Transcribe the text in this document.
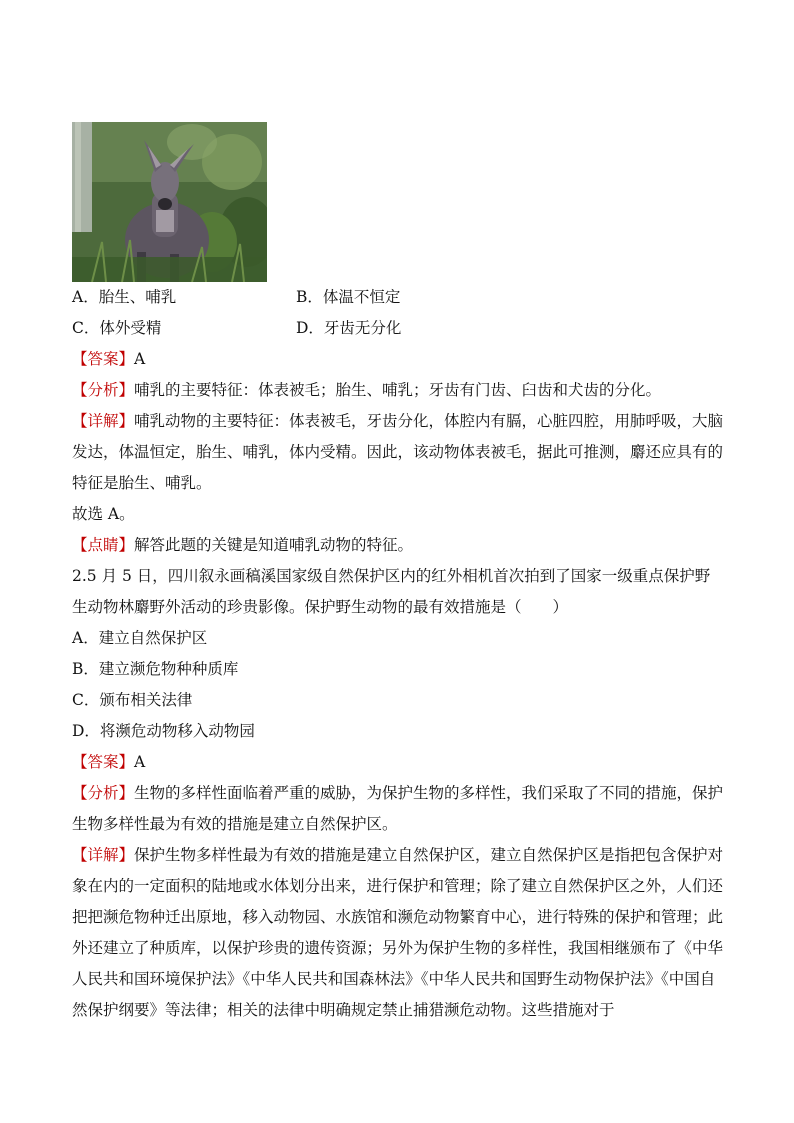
A．胎生、哺乳	B．体温不恒定
C．体外受精	D．牙齿无分化
【答案】A
【分析】哺乳的主要特征：体表被毛；胎生、哺乳；牙齿有门齿、臼齿和犬齿的分化。
【详解】哺乳动物的主要特征：体表被毛，牙齿分化，体腔内有膈，心脏四腔，用肺呼吸，大脑发达，体温恒定，胎生、哺乳，体内受精。因此，该动物体表被毛，据此可推测，麝还应具有的特征是胎生、哺乳。
故选 A。
【点睛】解答此题的关键是知道哺乳动物的特征。
2.5 月 5 日，四川叙永画稿溪国家级自然保护区内的红外相机首次拍到了国家一级重点保护野生动物林麝野外活动的珍贵影像。保护野生动物的最有效措施是（　　）
A．建立自然保护区
B．建立濒危物种种质库
C．颁布相关法律
D．将濒危动物移入动物园
【答案】A
【分析】生物的多样性面临着严重的威胁，为保护生物的多样性，我们采取了不同的措施，保护生物多样性最为有效的措施是建立自然保护区。
【详解】保护生物多样性最为有效的措施是建立自然保护区，建立自然保护区是指把包含保护对象在内的一定面积的陆地或水体划分出来，进行保护和管理；除了建立自然保护区之外，人们还把把濒危物种迁出原地，移入动物园、水族馆和濒危动物繁育中心，进行特殊的保护和管理；此外还建立了种质库，以保护珍贵的遗传资源；另外为保护生物的多样性，我国相继颁布了《中华人民共和国环境保护法》《中华人民共和国森林法》《中华人民共和国野生动物保护法》《中国自然保护纲要》等法律；相关的法律中明确规定禁止捕猎濒危动物。这些措施对于
